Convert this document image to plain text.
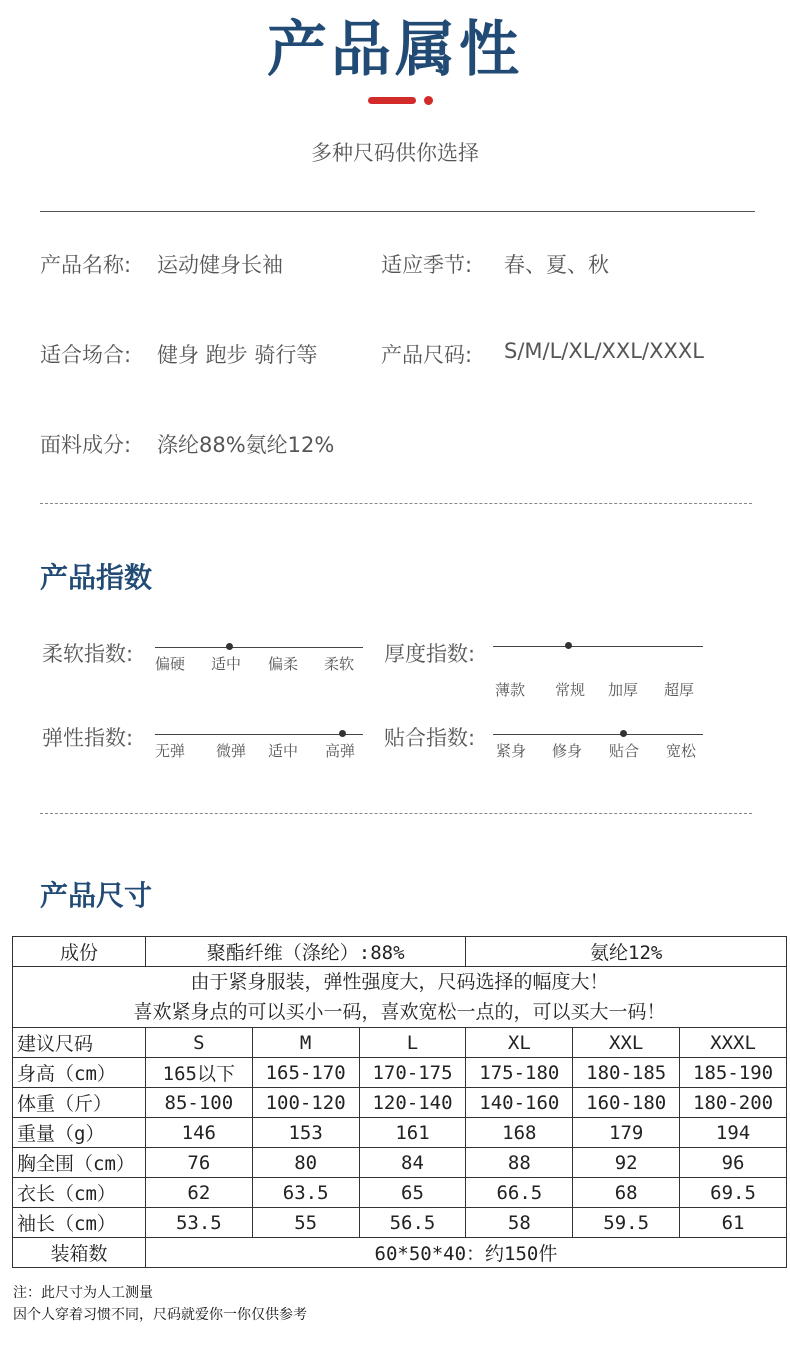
产品属性
多种尺码供你选择
产品名称: 运动健身长袖	适应季节: 春、夏、秋
适合场合: 健身 跑步 骑行等	产品尺码: S/M/L/XL/XXL/XXXL
面料成分: 涤纶88%氨纶12%
产品指数
柔软指数: 偏硬 适中 偏柔 柔软 厚度指数:
薄款 常规 加厚 超厚
弹性指数:
无弹 微弹 适中 高弹
贴合指数:
紧身 修身 贴合 宽松
产品尺寸
成份	聚酯纤维（涤纶）:88%			氨纶12%		

由于紧身服装，弹性强度大，尺码选择的幅度大！
喜欢紧身点的可以买小一码，喜欢宽松一点的，可以买大一码！						

建议尺码	S	M	L	XL	XXL	XXXL
身高（cm）	165以下	165-170	170-175	175-180	180-185	185-190
体重（斤）	85-100	100-120	120-140	140-160	160-180	180-200
重量（g）	146	153	161	168	179	194
胸全围（cm）	76	80	84	88	92	96
衣长（cm）	62	63.5	65	66.5	68	69.5
袖长（cm）	53.5	55	56.5	58	59.5	61
装箱数	60*50*40：约150件					
注：此尺寸为人工测量
因个人穿着习惯不同，尺码就爱你一你仅供参考
